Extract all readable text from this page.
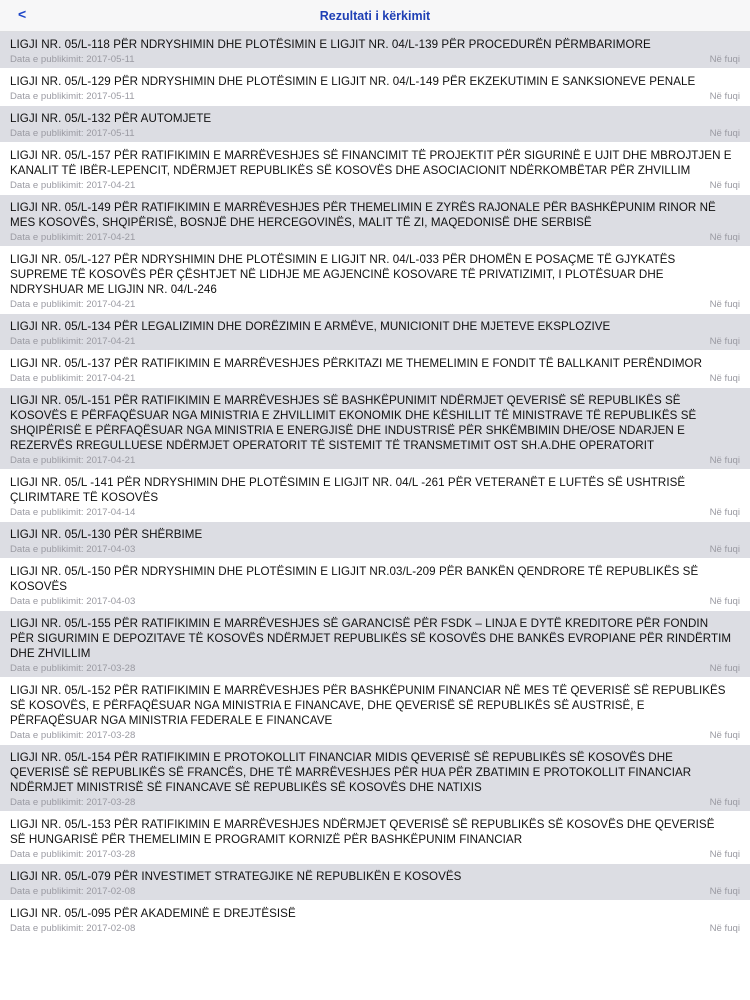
<	Rezultati i kërkimit
LIGJI NR. 05/L-118 PËR NDRYSHIMIN DHE PLOTËSIMIN E LIGJIT NR. 04/L-139 PËR PROCEDURËN PËRMBARIMORE
Data e publikimit: 2017-05-11	Në fuqi
LIGJI NR. 05/L-129 PËR NDRYSHIMIN DHE PLOTËSIMIN E LIGJIT NR. 04/L-149 PËR EKZEKUTIMIN E SANKSIONEVE PENALE
Data e publikimit: 2017-05-11	Në fuqi
LIGJI NR. 05/L-132 PËR AUTOMJETE
Data e publikimit: 2017-05-11	Në fuqi
LIGJI NR. 05/L-157 PËR RATIFIKIMIN E MARRËVESHJES SË FINANCIMIT TË PROJEKTIT PËR SIGURINË E UJIT DHE MBROJTJEN E KANALIT TË IBËR-LEPENCIT, NDËRMJET REPUBLIKËS SË KOSOVËS DHE ASOCIACIONIT NDËRKOMBËTAR PËR ZHVILLIM
Data e publikimit: 2017-04-21	Në fuqi
LIGJI NR. 05/L-149 PËR RATIFIKIMIN E MARRËVESHJES PËR THEMELIMIN E ZYRËS RAJONALE PËR BASHKËPUNIM RINOR NË MES KOSOVËS, SHQIPËRISË, BOSNJË DHE HERCEGOVINËS, MALIT TË ZI, MAQEDONISË DHE SERBISË
Data e publikimit: 2017-04-21	Në fuqi
LIGJI NR. 05/L-127 PËR NDRYSHIMIN DHE PLOTËSIMIN E LIGJIT NR. 04/L-033 PËR DHOMËN E POSAÇME TË GJYKATËS SUPREME TË KOSOVËS PËR ÇËSHTJET NË LIDHJE ME AGJENCINË KOSOVARE TË PRIVATIZIMIT, I PLOTËSUAR DHE NDRYSHUAR ME LIGJIN NR. 04/L-246
Data e publikimit: 2017-04-21	Në fuqi
LIGJI NR. 05/L-134 PËR LEGALIZIMIN DHE DORËZIMIN E ARMËVE, MUNICIONIT DHE MJETEVE EKSPLOZIVE
Data e publikimit: 2017-04-21	Në fuqi
LIGJI NR. 05/L-137 PËR RATIFIKIMIN E MARRËVESHJES PËRKITAZI ME THEMELIMIN E FONDIT TË BALLKANIT PERËNDIMOR
Data e publikimit: 2017-04-21	Në fuqi
LIGJI NR. 05/L-151 PËR RATIFIKIMIN E MARRËVESHJES SË BASHKËPUNIMIT NDËRMJET QEVERISË SË REPUBLIKËS SË KOSOVËS E PËRFAQËSUAR NGA MINISTRIA E ZHVILLIMIT EKONOMIK DHE KËSHILLIT TË MINISTRAVE TË REPUBLIKËS SË SHQIPËRISË E PËRFAQËSUAR NGA MINISTRIA E ENERGJISË DHE INDUSTRISË PËR SHKËMBIMIN DHE/OSE NDARJEN E REZERVËS RREGULLUESE NDËRMJET OPERATORIT TË SISTEMIT TË TRANSMETIMIT OST SH.A.DHE OPERATORIT
Data e publikimit: 2017-04-21	Në fuqi
LIGJI NR. 05/L -141 PËR NDRYSHIMIN DHE PLOTËSIMIN E LIGJIT NR. 04/L -261 PËR VETERANËT E LUFTËS SË USHTRISË ÇLIRIMTARE TË KOSOVËS
Data e publikimit: 2017-04-14	Në fuqi
LIGJI NR. 05/L-130 PËR SHËRBIME
Data e publikimit: 2017-04-03	Në fuqi
LIGJI NR. 05/L-150 PËR NDRYSHIMIN DHE PLOTËSIMIN E LIGJIT NR.03/L-209 PËR BANKËN QENDRORE TË REPUBLIKËS SË KOSOVËS
Data e publikimit: 2017-04-03	Në fuqi
LIGJI NR. 05/L-155 PËR RATIFIKIMIN E MARRËVESHJES SË GARANCISË PËR FSDK – LINJA E DYTË KREDITORE PËR FONDIN PËR SIGURIMIN E DEPOZITAVE TË KOSOVËS NDËRMJET REPUBLIKËS SË KOSOVËS DHE BANKËS EVROPIANE PËR RINDËRTIM DHE ZHVILLIM
Data e publikimit: 2017-03-28	Në fuqi
LIGJI NR. 05/L-152 PËR RATIFIKIMIN E MARRËVESHJES PËR BASHKËPUNIM FINANCIAR NË MES TË QEVERISË SË REPUBLIKËS SË KOSOVËS, E PËRFAQËSUAR NGA MINISTRIA E FINANCAVE, DHE QEVERISË SË REPUBLIKËS SË AUSTRISË, E PËRFAQËSUAR NGA MINISTRIA FEDERALE E FINANCAVE
Data e publikimit: 2017-03-28	Në fuqi
LIGJI NR. 05/L-154 PËR RATIFIKIMIN E PROTOKOLLIT FINANCIAR MIDIS QEVERISË SË REPUBLIKËS SË KOSOVËS DHE QEVERISË SË REPUBLIKËS SË FRANCËS, DHE TË MARRËVESHJES PËR HUA PËR ZBATIMIN E PROTOKOLLIT FINANCIAR NDËRMJET MINISTRISË SË FINANCAVE SË REPUBLIKËS SË KOSOVËS DHE NATIXIS
Data e publikimit: 2017-03-28	Në fuqi
LIGJI NR. 05/L-153 PËR RATIFIKIMIN E MARRËVESHJES NDËRMJET QEVERISË SË REPUBLIKËS SË KOSOVËS DHE QEVERISË SË HUNGARISË PËR THEMELIMIN E PROGRAMIT KORNIZË PËR BASHKËPUNIM FINANCIAR
Data e publikimit: 2017-03-28	Në fuqi
LIGJI NR. 05/L-079 PËR INVESTIMET STRATEGJIKE NË REPUBLIKËN E KOSOVËS
Data e publikimit: 2017-02-08	Në fuqi
LIGJI NR. 05/L-095 PËR AKADEMINË E DREJTËSISË
Data e publikimit: 2017-02-08	Në fuqi
